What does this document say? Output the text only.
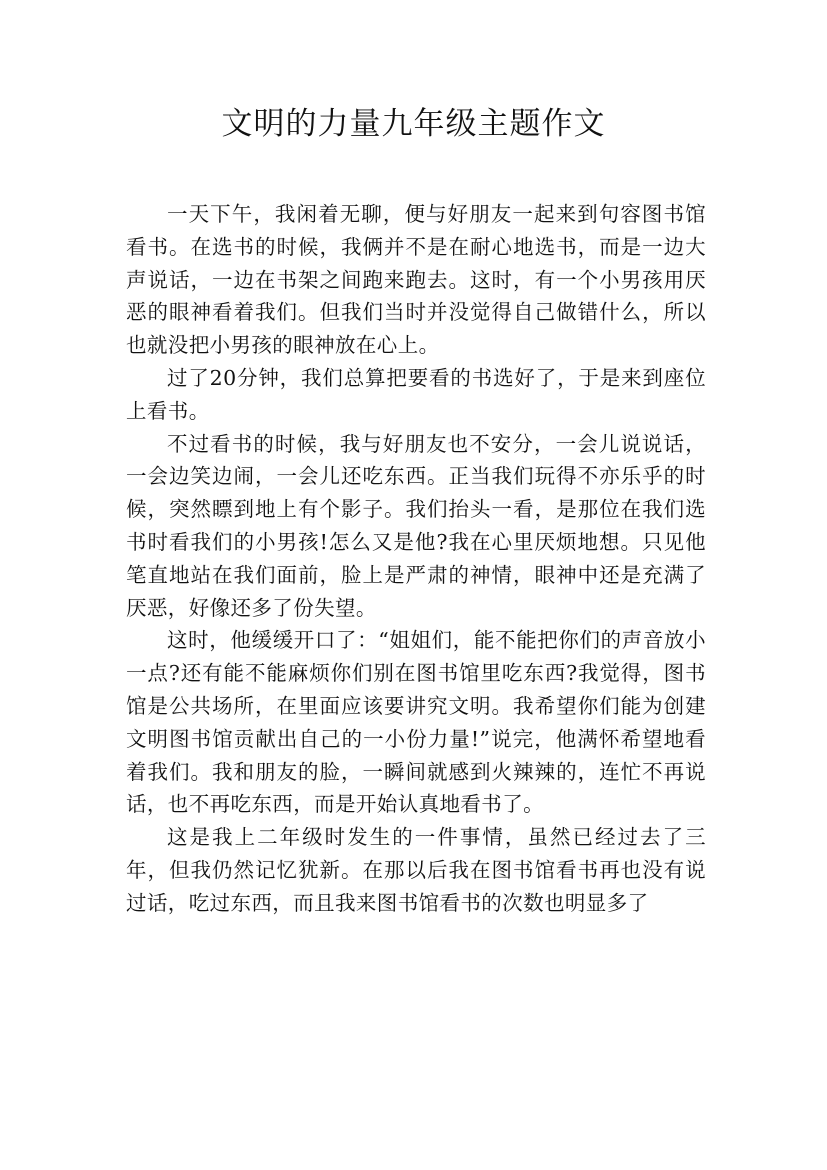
文明的力量九年级主题作文

一天下午，我闲着无聊，便与好朋友一起来到句容图书馆看书。在选书的时候，我俩并不是在耐心地选书，而是一边大声说话，一边在书架之间跑来跑去。这时，有一个小男孩用厌恶的眼神看着我们。但我们当时并没觉得自己做错什么，所以也就没把小男孩的眼神放在心上。

过了20分钟，我们总算把要看的书选好了，于是来到座位上看书。

不过看书的时候，我与好朋友也不安分，一会儿说说话，一会边笑边闹，一会儿还吃东西。正当我们玩得不亦乐乎的时候，突然瞟到地上有个影子。我们抬头一看，是那位在我们选书时看我们的小男孩!怎么又是他?我在心里厌烦地想。只见他笔直地站在我们面前，脸上是严肃的神情，眼神中还是充满了厌恶，好像还多了份失望。

这时，他缓缓开口了：“姐姐们，能不能把你们的声音放小一点?还有能不能麻烦你们别在图书馆里吃东西?我觉得，图书馆是公共场所，在里面应该要讲究文明。我希望你们能为创建文明图书馆贡献出自己的一小份力量!”说完，他满怀希望地看着我们。我和朋友的脸，一瞬间就感到火辣辣的，连忙不再说话，也不再吃东西，而是开始认真地看书了。

这是我上二年级时发生的一件事情，虽然已经过去了三年，但我仍然记忆犹新。在那以后我在图书馆看书再也没有说过话，吃过东西，而且我来图书馆看书的次数也明显多了
